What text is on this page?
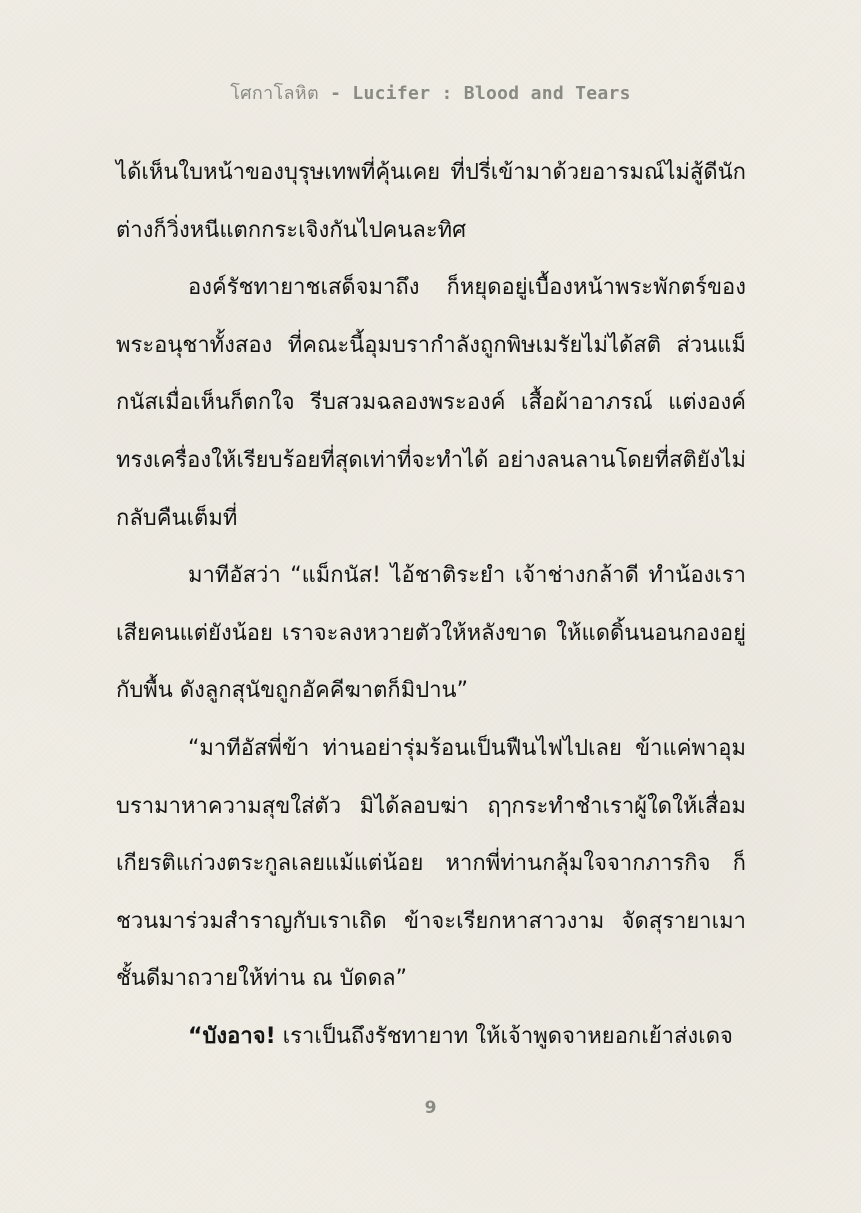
โศกาโลหิต - Lucifer : Blood and Tears

ได้เห็นใบหน้าของบุรุษเทพที่คุ้นเคย ที่ปรี่เข้ามาด้วยอารมณ์ไม่สู้ดีนัก ต่างก็วิ่งหนีแตกกระเจิงกันไปคนละทิศ

องค์รัชทายาชเสด็จมาถึง ก็หยุดอยู่เบื้องหน้าพระพักตร์ของพระอนุชาทั้งสอง ที่คณะนี้อุมบรากำลังถูกพิษเมรัยไม่ได้สติ ส่วนแม็กนัสเมื่อเห็นก็ตกใจ รีบสวมฉลองพระองค์ เสื้อผ้าอาภรณ์ แต่งองค์ทรงเครื่องให้เรียบร้อยที่สุดเท่าที่จะทำได้ อย่างลนลานโดยที่สติยังไม่กลับคืนเต็มที่

มาทีอัสว่า “แม็กนัส! ไอ้ชาติระยำ เจ้าช่างกล้าดี ทำน้องเราเสียคนแต่ยังน้อย เราจะลงหวายตัวให้หลังขาด ให้แดดิ้นนอนกองอยู่กับพื้น ดังลูกสุนัขถูกอัคคีฆาตก็มิปาน”

“มาทีอัสพี่ข้า ท่านอย่ารุ่มร้อนเป็นฟืนไฟไปเลย ข้าแค่พาอุมบรามาหาความสุขใส่ตัว มิได้ลอบฆ่า ฤๅกระทำชำเราผู้ใดให้เสื่อมเกียรติแก่วงตระกูลเลยแม้แต่น้อย หากพี่ท่านกลุ้มใจจากภารกิจ ก็ชวนมาร่วมสำราญกับเราเถิด ข้าจะเรียกหาสาวงาม จัดสุรายาเมาชั้นดีมาถวายให้ท่าน ณ บัดดล”

“บังอาจ! เราเป็นถึงรัชทายาท ให้เจ้าพูดจาหยอกเย้าส่งเดจ

9
